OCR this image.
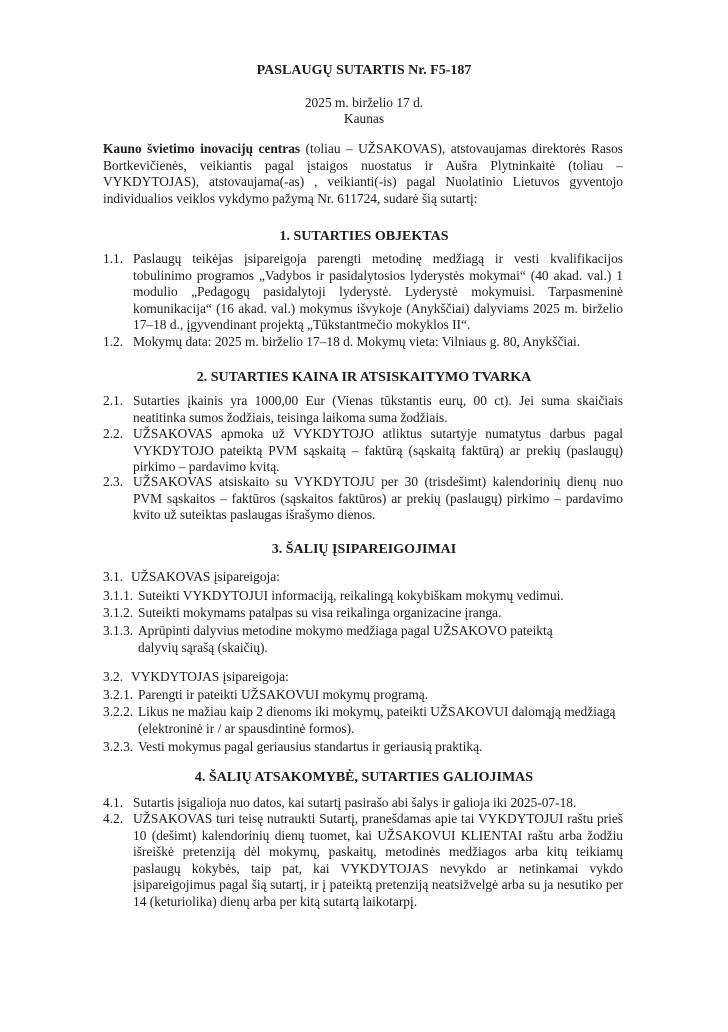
PASLAUGŲ SUTARTIS Nr. F5-187
2025 m. birželio 17 d.
Kaunas
Kauno švietimo inovacijų centras (toliau – UŽSAKOVAS), atstovaujamas direktorės Rasos Bortkevičienės, veikiantis pagal įstaigos nuostatus ir Aušra Plytninkaitė (toliau – VYKDYTOJAS), atstovaujama(-as) , veikianti(-is) pagal Nuolatinio Lietuvos gyventojo individualios veiklos vykdymo pažymą Nr. 611724, sudarė šią sutartį:
1. SUTARTIES OBJEKTAS
1.1. Paslaugų teikėjas įsipareigoja parengti metodinę medžiagą ir vesti kvalifikacijos tobulinimo programos „Vadybos ir pasidalytosios lyderystės mokymai“ (40 akad. val.) 1 modulio „Pedagogų pasidalytoji lyderystė. Lyderystė mokymuisi. Tarpasmeninė komunikacija“ (16 akad. val.) mokymus išvykoje (Anykščiai) dalyviams 2025 m. birželio 17–18 d., įgyvendinant projektą „Tūkstantmečio mokyklos II“.
1.2. Mokymų data: 2025 m. birželio 17–18 d. Mokymų vieta: Vilniaus g. 80, Anykščiai.
2. SUTARTIES KAINA IR ATSISKAITYMO TVARKA
2.1. Sutarties įkainis yra 1000,00 Eur (Vienas tūkstantis eurų, 00 ct). Jei suma skaičiais neatitinka sumos žodžiais, teisinga laikoma suma žodžiais.
2.2. UŽSAKOVAS apmoka už VYKDYTOJO atliktus sutartyje numatytus darbus pagal VYKDYTOJO pateiktą PVM sąskaitą – faktūrą (sąskaitą faktūrą) ar prekių (paslaugų) pirkimo – pardavimo kvitą.
2.3. UŽSAKOVAS atsiskaito su VYKDYTOJU per 30 (trisdešimt) kalendorinių dienų nuo PVM sąskaitos – faktūros (sąskaitos faktūros) ar prekių (paslaugų) pirkimo – pardavimo kvito už suteiktas paslaugas išrašymo dienos.
3. ŠALIŲ ĮSIPAREIGOJIMAI
3.1. UŽSAKOVAS įsipareigoja:
3.1.1. Suteikti VYKDYTOJUI informaciją, reikalingą kokybiškam mokymų vedimui.
3.1.2. Suteikti mokymams patalpas su visa reikalinga organizacine įranga.
3.1.3. Aprūpinti dalyvius metodine mokymo medžiaga pagal UŽSAKOVO pateiktą dalyvių sąrašą (skaičių).
3.2. VYKDYTOJAS įsipareigoja:
3.2.1. Parengti ir pateikti UŽSAKOVUI mokymų programą.
3.2.2. Likus ne mažiau kaip 2 dienoms iki mokymų, pateikti UŽSAKOVUI dalomąją medžiagą (elektroninė ir / ar spausdintinė formos).
3.2.3. Vesti mokymus pagal geriausius standartus ir geriausią praktiką.
4. ŠALIŲ ATSAKOMYBĖ, SUTARTIES GALIOJIMAS
4.1. Sutartis įsigalioja nuo datos, kai sutartį pasirašo abi šalys ir galioja iki 2025-07-18.
4.2. UŽSAKOVAS turi teisę nutraukti Sutartį, pranešdamas apie tai VYKDYTOJUI raštu prieš 10 (dešimt) kalendorinių dienų tuomet, kai UŽSAKOVUI KLIENTAI raštu arba žodžiu išreiškė pretenziją dėl mokymų, paskaitų, metodinės medžiagos arba kitų teikiamų paslaugų kokybės, taip pat, kai VYKDYTOJAS nevykdo ar netinkamai vykdo įsipareigojimus pagal šią sutartį, ir į pateiktą pretenziją neatsižvelgė arba su ja nesutiko per 14 (keturiolika) dienų arba per kitą sutartą laikotarpį.
